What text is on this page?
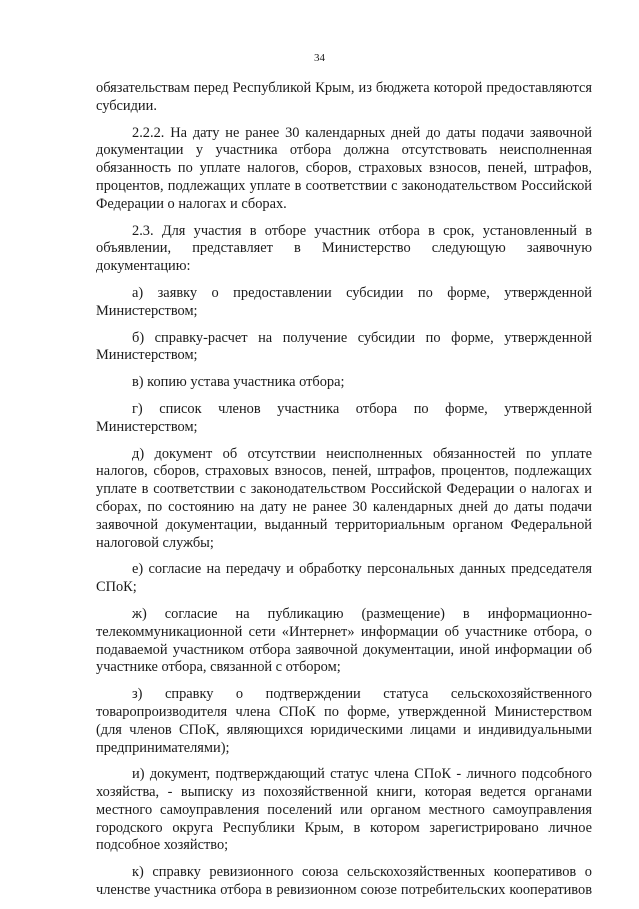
34

обязательствам перед Республикой Крым, из бюджета которой предоставляются субсидии.

2.2.2. На дату не ранее 30 календарных дней до даты подачи заявочной документации у участника отбора должна отсутствовать неисполненная обязанность по уплате налогов, сборов, страховых взносов, пеней, штрафов, процентов, подлежащих уплате в соответствии с законодательством Российской Федерации о налогах и сборах.

2.3. Для участия в отборе участник отбора в срок, установленный в объявлении, представляет в Министерство следующую заявочную документацию:

а) заявку о предоставлении субсидии по форме, утвержденной Министерством;

б) справку-расчет на получение субсидии по форме, утвержденной Министерством;

в) копию устава участника отбора;

г) список членов участника отбора по форме, утвержденной Министерством;

д) документ об отсутствии неисполненных обязанностей по уплате налогов, сборов, страховых взносов, пеней, штрафов, процентов, подлежащих уплате в соответствии с законодательством Российской Федерации о налогах и сборах, по состоянию на дату не ранее 30 календарных дней до даты подачи заявочной документации, выданный территориальным органом Федеральной налоговой службы;

е) согласие на передачу и обработку персональных данных председателя СПоК;

ж) согласие на публикацию (размещение) в информационно-телекоммуникационной сети «Интернет» информации об участнике отбора, о подаваемой участником отбора заявочной документации, иной информации об участнике отбора, связанной с отбором;

з) справку о подтверждении статуса сельскохозяйственного товаропроизводителя члена СПоК по форме, утвержденной Министерством (для членов СПоК, являющихся юридическими лицами и индивидуальными предпринимателями);

и) документ, подтверждающий статус члена СПоК - личного подсобного хозяйства, - выписку из похозяйственной книги, которая ведется органами местного самоуправления поселений или органом местного самоуправления городского округа Республики Крым, в котором зарегистрировано личное подсобное хозяйство;

к) справку ревизионного союза сельскохозяйственных кооперативов о членстве участника отбора в ревизионном союзе потребительских кооперативов
